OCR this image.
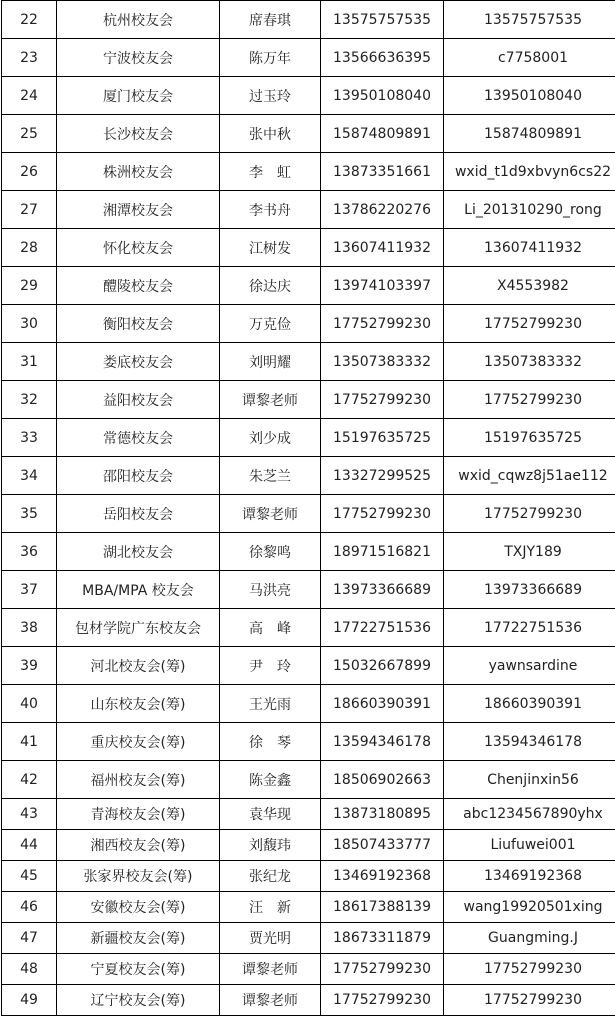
22	杭州校友会	席春琪	13575757535	13575757535
23	宁波校友会	陈万年	13566636395	c7758001
24	厦门校友会	过玉玲	13950108040	13950108040
25	长沙校友会	张中秋	15874809891	15874809891
26	株洲校友会	李　虹	13873351661	wxid_t1d9xbvyn6cs22
27	湘潭校友会	李书舟	13786220276	Li_201310290_rong
28	怀化校友会	江树发	13607411932	13607411932
29	醴陵校友会	徐达庆	13974103397	X4553982
30	衡阳校友会	万克俭	17752799230	17752799230
31	娄底校友会	刘明耀	13507383332	13507383332
32	益阳校友会	谭黎老师	17752799230	17752799230
33	常德校友会	刘少成	15197635725	15197635725
34	邵阳校友会	朱芝兰	13327299525	wxid_cqwz8j51ae112
35	岳阳校友会	谭黎老师	17752799230	17752799230
36	湖北校友会	徐黎鸣	18971516821	TXJY189
37	MBA/MPA 校友会	马洪亮	13973366689	13973366689
38	包材学院广东校友会	高　峰	17722751536	17722751536
39	河北校友会(筹)	尹　玲	15032667899	yawnsardine
40	山东校友会(筹)	王光雨	18660390391	18660390391
41	重庆校友会(筹)	徐　琴	13594346178	13594346178
42	福州校友会(筹)	陈金鑫	18506902663	Chenjinxin56
43	青海校友会(筹)	袁华现	13873180895	abc1234567890yhx
44	湘西校友会(筹)	刘馥玮	18507433777	Liufuwei001
45	张家界校友会(筹)	张纪龙	13469192368	13469192368
46	安徽校友会(筹)	汪　新	18617388139	wang19920501xing
47	新疆校友会(筹)	贾光明	18673311879	Guangming.J
48	宁夏校友会(筹)	谭黎老师	17752799230	17752799230
49	辽宁校友会(筹)	谭黎老师	17752799230	17752799230
